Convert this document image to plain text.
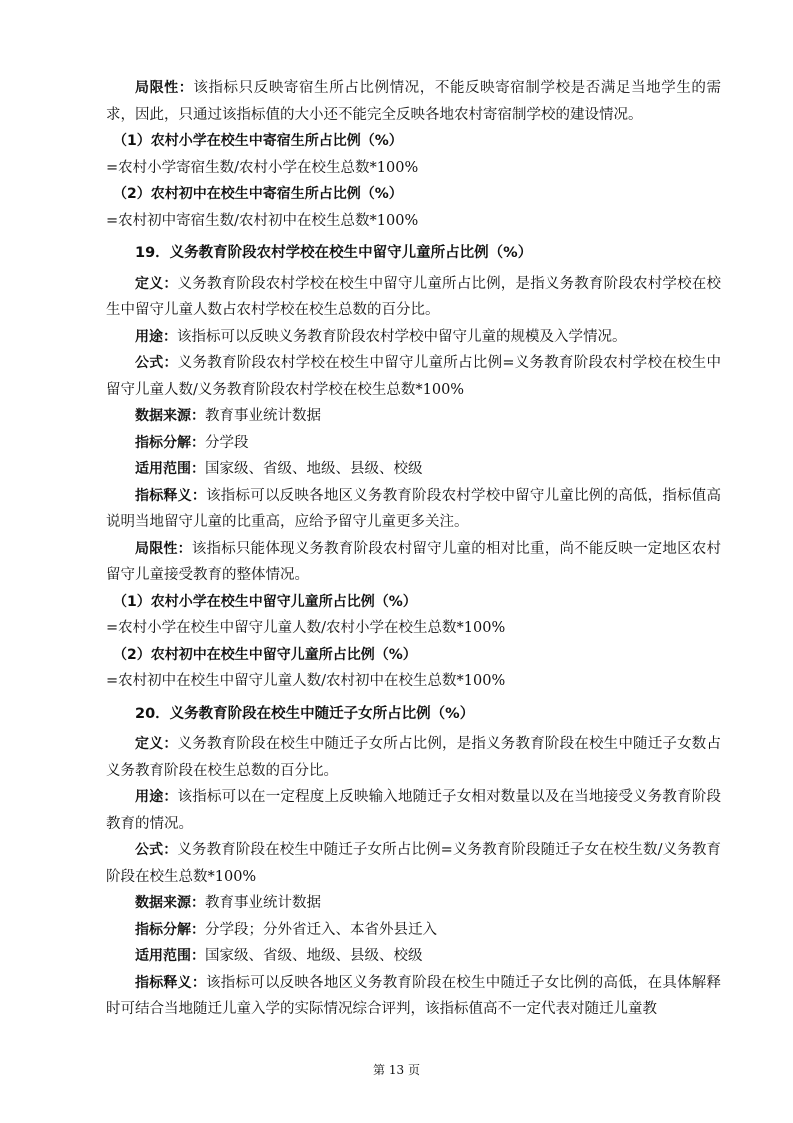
局限性：该指标只反映寄宿生所占比例情况，不能反映寄宿制学校是否满足当地学生的需求，因此，只通过该指标值的大小还不能完全反映各地农村寄宿制学校的建设情况。

（1）农村小学在校生中寄宿生所占比例（%）

=农村小学寄宿生数/农村小学在校生总数*100%

（2）农村初中在校生中寄宿生所占比例（%）

=农村初中寄宿生数/农村初中在校生总数*100%

19．义务教育阶段农村学校在校生中留守儿童所占比例（%）

定义：义务教育阶段农村学校在校生中留守儿童所占比例，是指义务教育阶段农村学校在校生中留守儿童人数占农村学校在校生总数的百分比。

用途：该指标可以反映义务教育阶段农村学校中留守儿童的规模及入学情况。

公式：义务教育阶段农村学校在校生中留守儿童所占比例=义务教育阶段农村学校在校生中留守儿童人数/义务教育阶段农村学校在校生总数*100%

数据来源：教育事业统计数据

指标分解：分学段

适用范围：国家级、省级、地级、县级、校级

指标释义：该指标可以反映各地区义务教育阶段农村学校中留守儿童比例的高低，指标值高说明当地留守儿童的比重高，应给予留守儿童更多关注。

局限性：该指标只能体现义务教育阶段农村留守儿童的相对比重，尚不能反映一定地区农村留守儿童接受教育的整体情况。

（1）农村小学在校生中留守儿童所占比例（%）

=农村小学在校生中留守儿童人数/农村小学在校生总数*100%

（2）农村初中在校生中留守儿童所占比例（%）

=农村初中在校生中留守儿童人数/农村初中在校生总数*100%

20．义务教育阶段在校生中随迁子女所占比例（%）

定义：义务教育阶段在校生中随迁子女所占比例，是指义务教育阶段在校生中随迁子女数占义务教育阶段在校生总数的百分比。

用途：该指标可以在一定程度上反映输入地随迁子女相对数量以及在当地接受义务教育阶段教育的情况。

公式：义务教育阶段在校生中随迁子女所占比例=义务教育阶段随迁子女在校生数/义务教育阶段在校生总数*100%

数据来源：教育事业统计数据

指标分解：分学段；分外省迁入、本省外县迁入

适用范围：国家级、省级、地级、县级、校级

指标释义：该指标可以反映各地区义务教育阶段在校生中随迁子女比例的高低，在具体解释时可结合当地随迁儿童入学的实际情况综合评判，该指标值高不一定代表对随迁儿童教

第 13 页
